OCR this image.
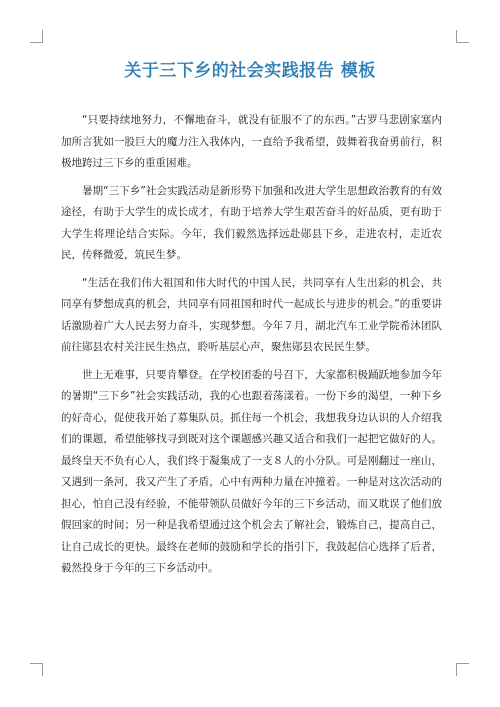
关于三下乡的社会实践报告 模板

“只要持续地努力，不懈地奋斗，就没有征服不了的东西。”古罗马悲剧家塞内加所言犹如一股巨大的魔力注入我体内，一直给予我希望，鼓舞着我奋勇前行，积极地跨过三下乡的重重困难。

暑期“三下乡”社会实践活动是新形势下加强和改进大学生思想政治教育的有效途径，有助于大学生的成长成才，有助于培养大学生艰苦奋斗的好品质，更有助于大学生将理论结合实际。今年，我们毅然选择远赴郧县下乡，走进农村，走近农民，传释微爱，筑民生梦。

“生活在我们伟大祖国和伟大时代的中国人民，共同享有人生出彩的机会，共同享有梦想成真的机会，共同享有同祖国和时代一起成长与进步的机会。”的重要讲话激励着广大人民去努力奋斗，实现梦想。今年７月，湖北汽车工业学院希沐团队前往郧县农村关注民生热点，聆听基层心声，聚焦郧县农民民生梦。

世上无难事，只要肯攀登。在学校团委的号召下，大家都积极踊跃地参加今年的暑期“三下乡”社会实践活动，我的心也跟着荡漾着。一份下乡的渴望，一种下乡的好奇心，促使我开始了募集队员。抓住每一个机会，我想我身边认识的人介绍我们的课题，希望能够找寻到既对这个课题感兴趣又适合和我们一起把它做好的人。最终皇天不负有心人，我们终于凝集成了一支８人的小分队。可是刚翻过一座山，又遇到一条河，我又产生了矛盾，心中有两种力量在冲撞着。一种是对这次活动的担心，怕自己没有经验，不能带领队员做好今年的三下乡活动，而又耽误了他们放假回家的时间；另一种是我希望通过这个机会去了解社会，锻炼自己，提高自己，让自己成长的更快。最终在老师的鼓励和学长的指引下，我鼓起信心选择了后者，毅然投身于今年的三下乡活动中。
